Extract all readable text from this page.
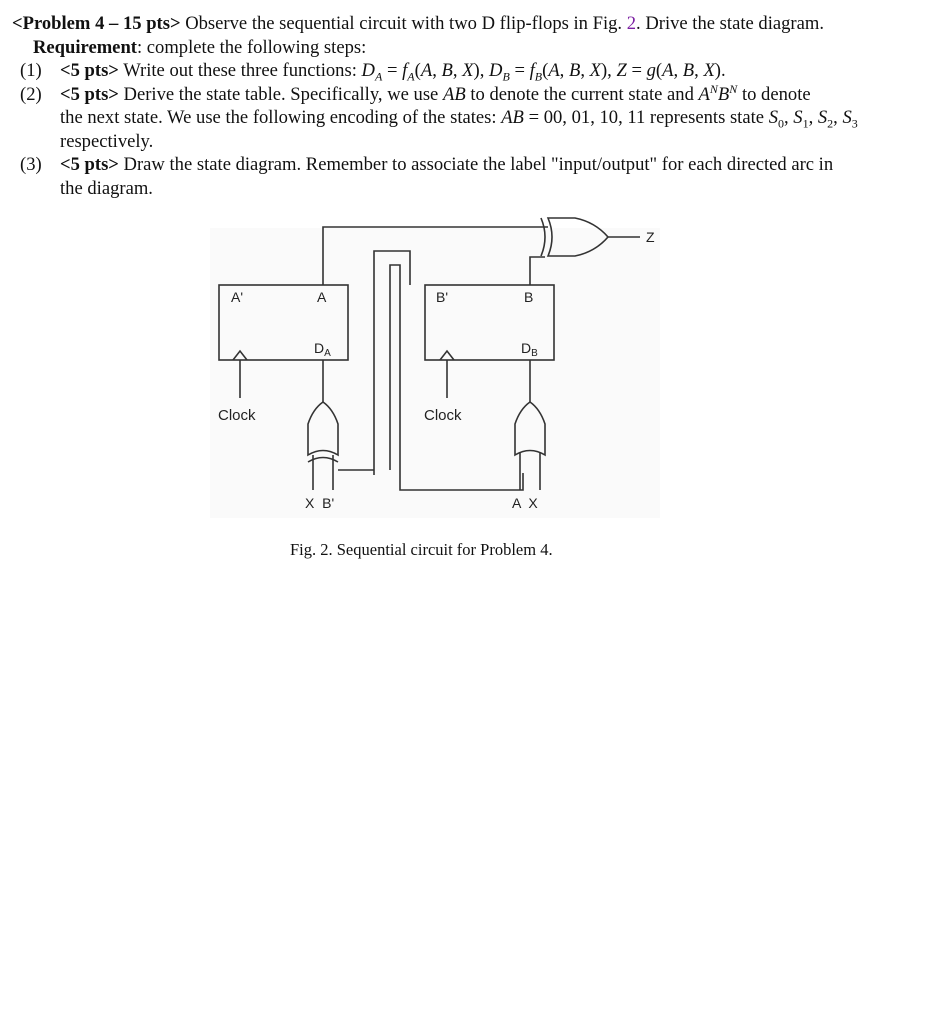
<Problem 4 – 15 pts> Observe the sequential circuit with two D flip-flops in Fig. 2. Drive the state diagram.
Requirement: complete the following steps:
(1) <5 pts> Write out these three functions: $D_A = f_A(A$, B, X), $D_B = f_B(A$, B, X), Z = g(A, B, X).
(2) <5 pts> Derive the state table. Specifically, we use AB to denote the current state and $A^NB^N$ to denote
the next state. We use the following encoding of the states: AB = 00, 01, 10, 11 represents state $S_0$, $S_1$, $S_2$, $S_3$
respectively.
(3) <5 pts> Draw the state diagram. Remember to associate the label "input/output" for each directed arc in
the diagram.
A'	A
$D_A$
B'	B
$D_B$
Clock	Clock
X  B'	A  X
Z
Fig. 2. Sequential circuit for Problem 4.
